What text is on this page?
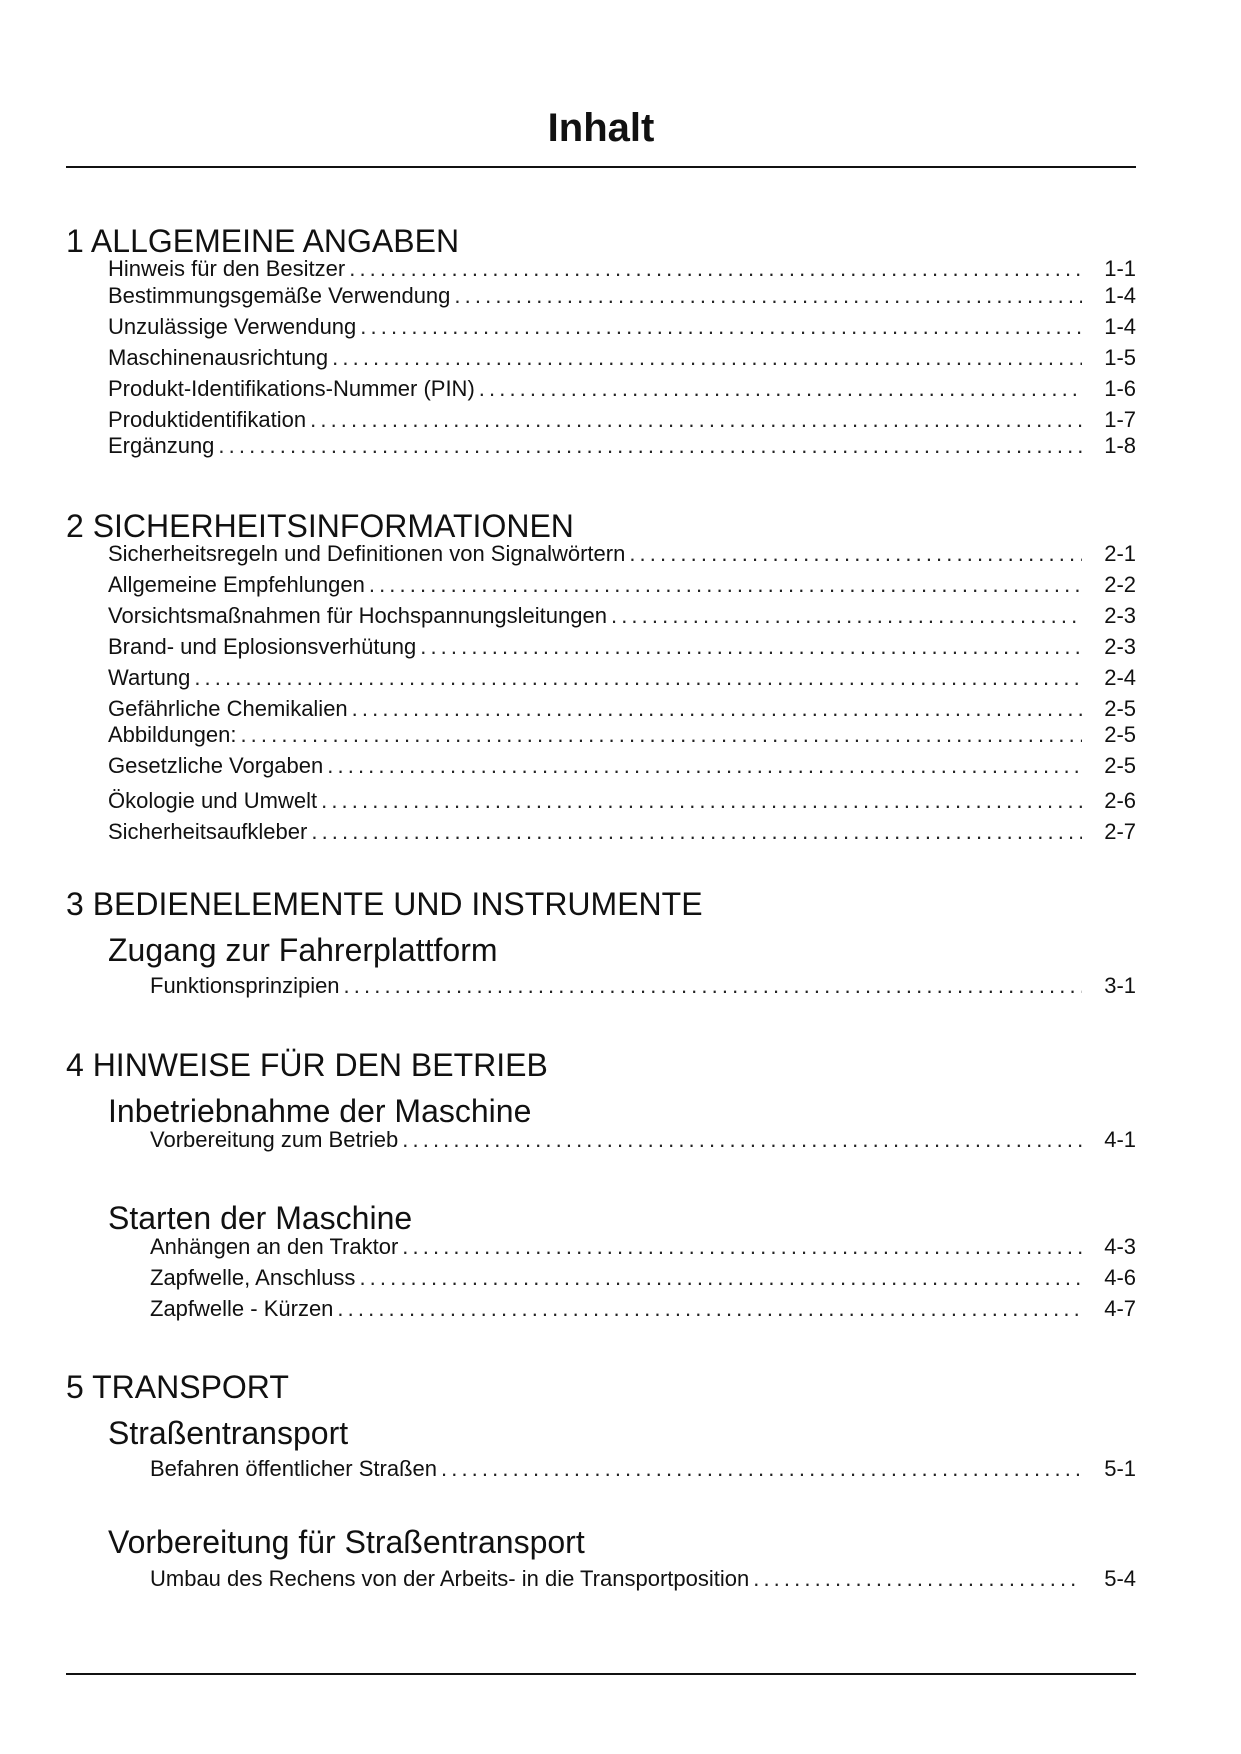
Inhalt
1 ALLGEMEINE ANGABEN
Hinweis für den Besitzer . . .	1-1
Bestimmungsgemäße Verwendung . . .	1-4
Unzulässige Verwendung . . .	1-4
Maschinenausrichtung . . .	1-5
Produkt-Identifikations-Nummer (PIN) . . .	1-6
Produktidentifikation . . .	1-7
Ergänzung . . .	1-8
2 SICHERHEITSINFORMATIONEN
Sicherheitsregeln und Definitionen von Signalwörtern . . .	2-1
Allgemeine Empfehlungen . . .	2-2
Vorsichtsmaßnahmen für Hochspannungsleitungen . . .	2-3
Brand- und Eplosionsverhütung . . .	2-3
Wartung . . .	2-4
Gefährliche Chemikalien . . .	2-5
Abbildungen: . . .	2-5
Gesetzliche Vorgaben . . .	2-5
Ökologie und Umwelt . . .	2-6
Sicherheitsaufkleber . . .	2-7
3 BEDIENELEMENTE UND INSTRUMENTE
Zugang zur Fahrerplattform
Funktionsprinzipien . . .	3-1
4 HINWEISE FÜR DEN BETRIEB
Inbetriebnahme der Maschine
Vorbereitung zum Betrieb . . .	4-1
Starten der Maschine
Anhängen an den Traktor . . .	4-3
Zapfwelle, Anschluss . . .	4-6
Zapfwelle - Kürzen . . .	4-7
5 TRANSPORT
Straßentransport
Befahren öffentlicher Straßen . . .	5-1
Vorbereitung für Straßentransport
Umbau des Rechens von der Arbeits- in die Transportposition . . .	5-4
